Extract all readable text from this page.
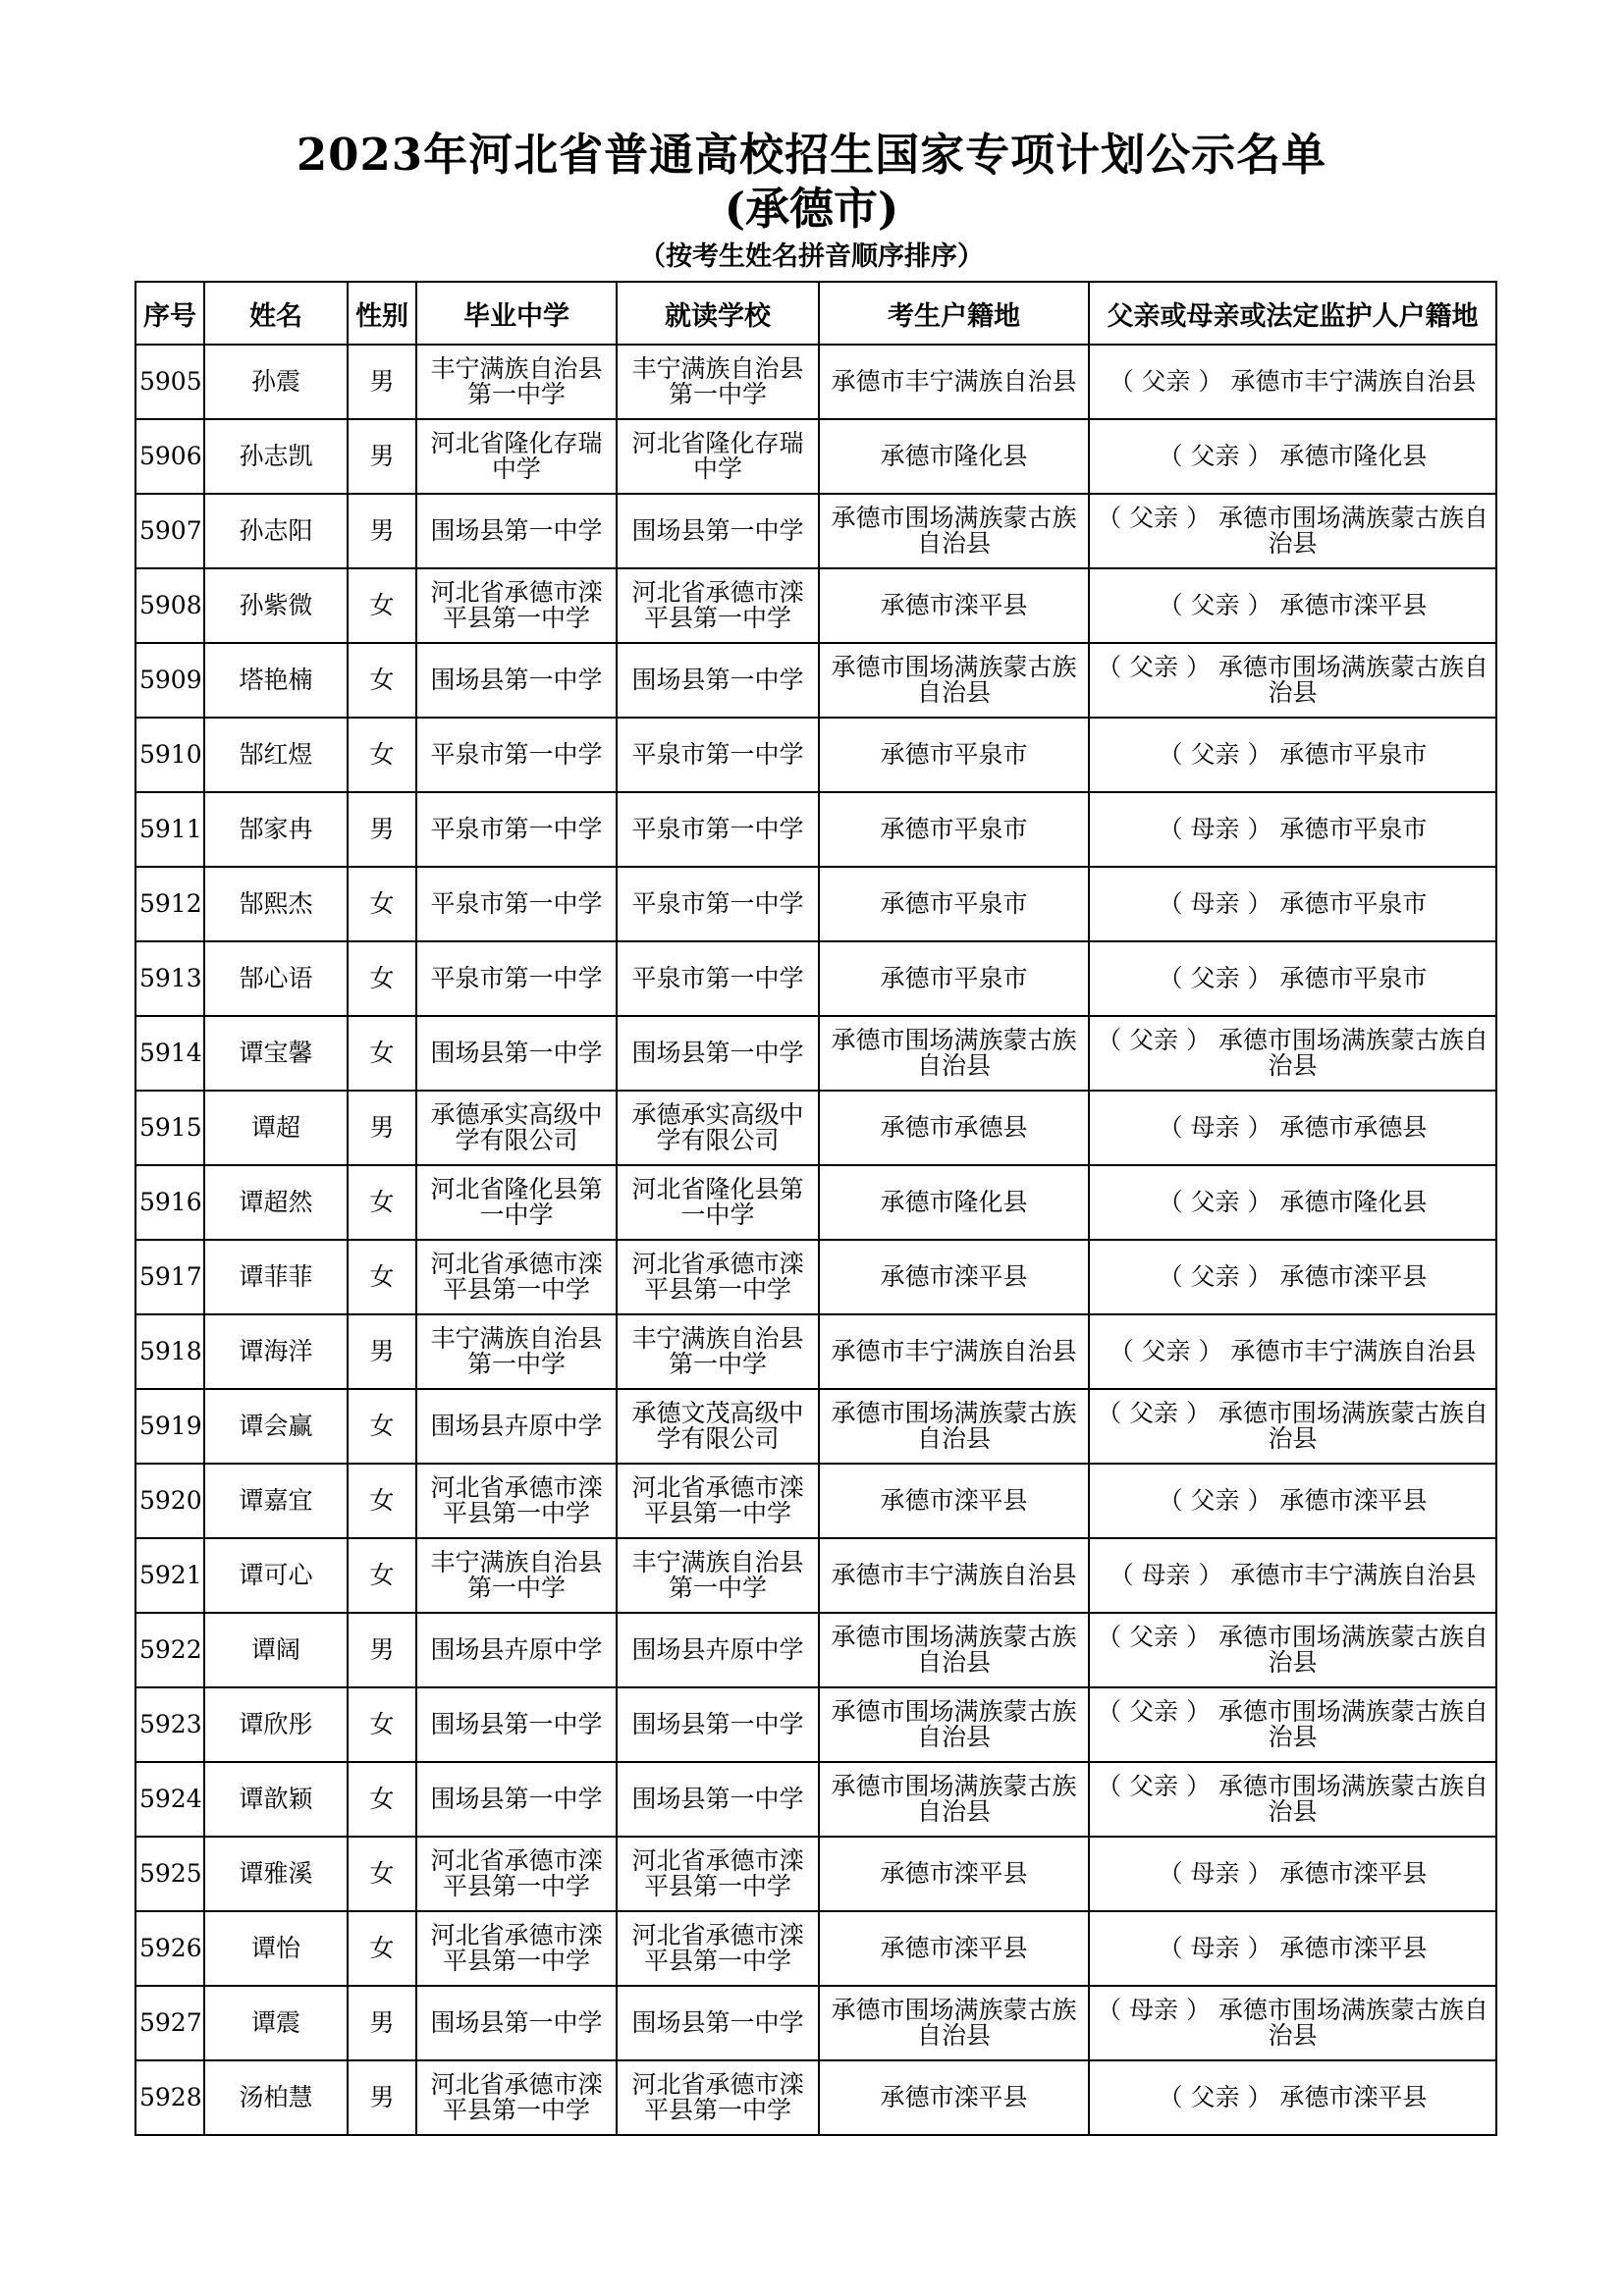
2023年河北省普通高校招生国家专项计划公示名单
(承德市)
（按考生姓名拼音顺序排序）
序号	姓名	性别	毕业中学	就读学校	考生户籍地	父亲或母亲或法定监护人户籍地
5905	孙震	男	丰宁满族自治县第一中学	丰宁满族自治县第一中学	承德市丰宁满族自治县	（ 父亲 ） 承德市丰宁满族自治县
5906	孙志凯	男	河北省隆化存瑞中学	河北省隆化存瑞中学	承德市隆化县	（ 父亲 ） 承德市隆化县
5907	孙志阳	男	围场县第一中学	围场县第一中学	承德市围场满族蒙古族自治县	（ 父亲 ） 承德市围场满族蒙古族自治县
5908	孙紫微	女	河北省承德市滦平县第一中学	河北省承德市滦平县第一中学	承德市滦平县	（ 父亲 ） 承德市滦平县
5909	塔艳楠	女	围场县第一中学	围场县第一中学	承德市围场满族蒙古族自治县	（ 父亲 ） 承德市围场满族蒙古族自治县
5910	郜红煜	女	平泉市第一中学	平泉市第一中学	承德市平泉市	（ 父亲 ） 承德市平泉市
5911	郜家冉	男	平泉市第一中学	平泉市第一中学	承德市平泉市	（ 母亲 ） 承德市平泉市
5912	郜熙杰	女	平泉市第一中学	平泉市第一中学	承德市平泉市	（ 母亲 ） 承德市平泉市
5913	郜心语	女	平泉市第一中学	平泉市第一中学	承德市平泉市	（ 父亲 ） 承德市平泉市
5914	谭宝馨	女	围场县第一中学	围场县第一中学	承德市围场满族蒙古族自治县	（ 父亲 ） 承德市围场满族蒙古族自治县
5915	谭超	男	承德承实高级中学有限公司	承德承实高级中学有限公司	承德市承德县	（ 母亲 ） 承德市承德县
5916	谭超然	女	河北省隆化县第一中学	河北省隆化县第一中学	承德市隆化县	（ 父亲 ） 承德市隆化县
5917	谭菲菲	女	河北省承德市滦平县第一中学	河北省承德市滦平县第一中学	承德市滦平县	（ 父亲 ） 承德市滦平县
5918	谭海洋	男	丰宁满族自治县第一中学	丰宁满族自治县第一中学	承德市丰宁满族自治县	（ 父亲 ） 承德市丰宁满族自治县
5919	谭会赢	女	围场县卉原中学	承德文茂高级中学有限公司	承德市围场满族蒙古族自治县	（ 父亲 ） 承德市围场满族蒙古族自治县
5920	谭嘉宜	女	河北省承德市滦平县第一中学	河北省承德市滦平县第一中学	承德市滦平县	（ 父亲 ） 承德市滦平县
5921	谭可心	女	丰宁满族自治县第一中学	丰宁满族自治县第一中学	承德市丰宁满族自治县	（ 母亲 ） 承德市丰宁满族自治县
5922	谭阔	男	围场县卉原中学	围场县卉原中学	承德市围场满族蒙古族自治县	（ 父亲 ） 承德市围场满族蒙古族自治县
5923	谭欣彤	女	围场县第一中学	围场县第一中学	承德市围场满族蒙古族自治县	（ 父亲 ） 承德市围场满族蒙古族自治县
5924	谭歆颖	女	围场县第一中学	围场县第一中学	承德市围场满族蒙古族自治县	（ 父亲 ） 承德市围场满族蒙古族自治县
5925	谭雅溪	女	河北省承德市滦平县第一中学	河北省承德市滦平县第一中学	承德市滦平县	（ 母亲 ） 承德市滦平县
5926	谭怡	女	河北省承德市滦平县第一中学	河北省承德市滦平县第一中学	承德市滦平县	（ 母亲 ） 承德市滦平县
5927	谭震	男	围场县第一中学	围场县第一中学	承德市围场满族蒙古族自治县	（ 母亲 ） 承德市围场满族蒙古族自治县
5928	汤柏慧	男	河北省承德市滦平县第一中学	河北省承德市滦平县第一中学	承德市滦平县	（ 父亲 ） 承德市滦平县
